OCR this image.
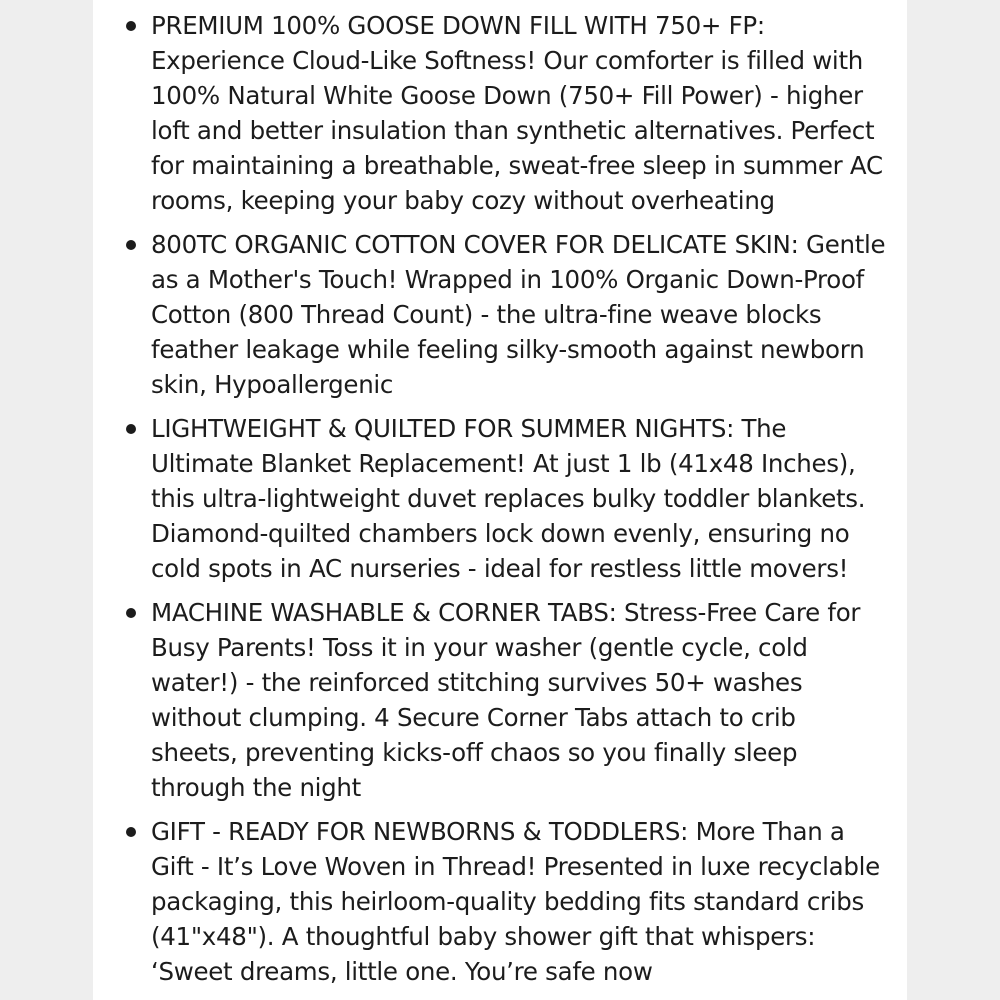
PREMIUM 100% GOOSE DOWN FILL WITH 750+ FP: Experience Cloud-Like Softness! Our comforter is filled with 100% Natural White Goose Down (750+ Fill Power) - higher loft and better insulation than synthetic alternatives. Perfect for maintaining a breathable, sweat-free sleep in summer AC rooms, keeping your baby cozy without overheating
800TC ORGANIC COTTON COVER FOR DELICATE SKIN: Gentle as a Mother's Touch! Wrapped in 100% Organic Down-Proof Cotton (800 Thread Count) - the ultra-fine weave blocks feather leakage while feeling silky-smooth against newborn skin, Hypoallergenic
LIGHTWEIGHT & QUILTED FOR SUMMER NIGHTS: The Ultimate Blanket Replacement! At just 1 lb (41x48 Inches), this ultra-lightweight duvet replaces bulky toddler blankets. Diamond-quilted chambers lock down evenly, ensuring no cold spots in AC nurseries - ideal for restless little movers!
MACHINE WASHABLE & CORNER TABS: Stress-Free Care for Busy Parents! Toss it in your washer (gentle cycle, cold water!) - the reinforced stitching survives 50+ washes without clumping. 4 Secure Corner Tabs attach to crib sheets, preventing kicks-off chaos so you finally sleep through the night
GIFT - READY FOR NEWBORNS & TODDLERS: More Than a Gift - It’s Love Woven in Thread! Presented in luxe recyclable packaging, this heirloom-quality bedding fits standard cribs (41"x48"). A thoughtful baby shower gift that whispers: ‘Sweet dreams, little one. You’re safe now
